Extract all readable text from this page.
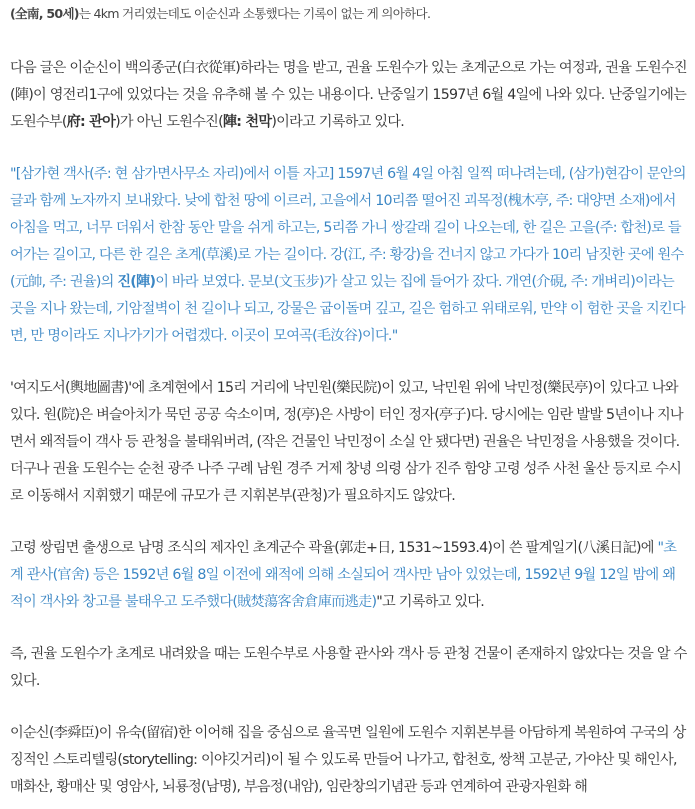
(全南, 50세)는 4km 거리였는데도 이순신과 소통했다는 기록이 없는 게 의아하다.

다음 글은 이순신이 백의종군(白衣從軍)하라는 명을 받고, 권율 도원수가 있는 초계군으로 가는 여정과, 권율 도원수진(陣)이 영전리1구에 있었다는 것을 유추해 볼 수 있는 내용이다. 난중일기 1597년 6월 4일에 나와 있다. 난중일기에는 도원수부(府: 관아)가 아닌 도원수진(陣: 천막)이라고 기록하고 있다.

"[삼가현 객사(주: 현 삼가면사무소 자리)에서 이틀 자고] 1597년 6월 4일 아침 일찍 떠나려는데, (삼가)현감이 문안의 글과 함께 노자까지 보내왔다. 낮에 합천 땅에 이르러, 고을에서 10리쯤 떨어진 괴목정(槐木亭, 주: 대양면 소재)에서 아침을 먹고, 너무 더워서 한참 동안 말을 쉬게 하고는, 5리쯤 가니 쌍갈래 길이 나오는데, 한 길은 고을(주: 합천)로 들어가는 길이고, 다른 한 길은 초계(草溪)로 가는 길이다. 강(江, 주: 황강)을 건너지 않고 가다가 10리 남짓한 곳에 원수(元帥, 주: 권율)의 진(陣)이 바라 보였다. 문보(文玉步)가 살고 있는 집에 들어가 잤다. 개연(介硯, 주: 개벼리)이라는 곳을 지나 왔는데, 기암절벽이 천 길이나 되고, 강물은 굽이돌며 깊고, 길은 험하고 위태로워, 만약 이 험한 곳을 지킨다면, 만 명이라도 지나가기가 어렵겠다. 이곳이 모여곡(毛汝谷)이다."

'여지도서(輿地圖書)'에 초계현에서 15리 거리에 낙민원(樂民院)이 있고, 낙민원 위에 낙민정(樂民亭)이 있다고 나와 있다. 원(院)은 벼슬아치가 묵던 공공 숙소이며, 정(亭)은 사방이 터인 정자(亭子)다. 당시에는 임란 발발 5년이나 지나면서 왜적들이 객사 등 관청을 불태워버려, (작은 건물인 낙민정이 소실 안 됐다면) 권율은 낙민정을 사용했을 것이다. 더구나 권율 도원수는 순천 광주 나주 구례 남원 경주 거제 창녕 의령 삼가 진주 함양 고령 성주 사천 울산 등지로 수시로 이동해서 지휘했기 때문에 규모가 큰 지휘본부(관청)가 필요하지도 않았다.

고령 쌍림면 출생으로 남명 조식의 제자인 초계군수 곽율(郭走+日, 1531~1593.4)이 쓴 팔계일기(八溪日記)에 "초계 관사(官舍) 등은 1592년 6월 8일 이전에 왜적에 의해 소실되어 객사만 남아 있었는데, 1592년 9월 12일 밤에 왜적이 객사와 창고를 불태우고 도주했다(賊焚蕩客舍倉庫而逃走)"고 기록하고 있다.

즉, 권율 도원수가 초계로 내려왔을 때는 도원수부로 사용할 관사와 객사 등 관청 건물이 존재하지 않았다는 것을 알 수 있다.

이순신(李舜臣)이 유숙(留宿)한 이어해 집을 중심으로 율곡면 일원에 도원수 지휘본부를 아담하게 복원하여 구국의 상징적인 스토리텔링(storytelling: 이야깃거리)이 될 수 있도록 만들어 나가고, 합천호, 쌍책 고분군, 가야산 및 해인사, 매화산, 황매산 및 영암사, 뇌룡정(남명), 부음정(내암), 임란창의기념관 등과 연계하여 관광자원화 해
